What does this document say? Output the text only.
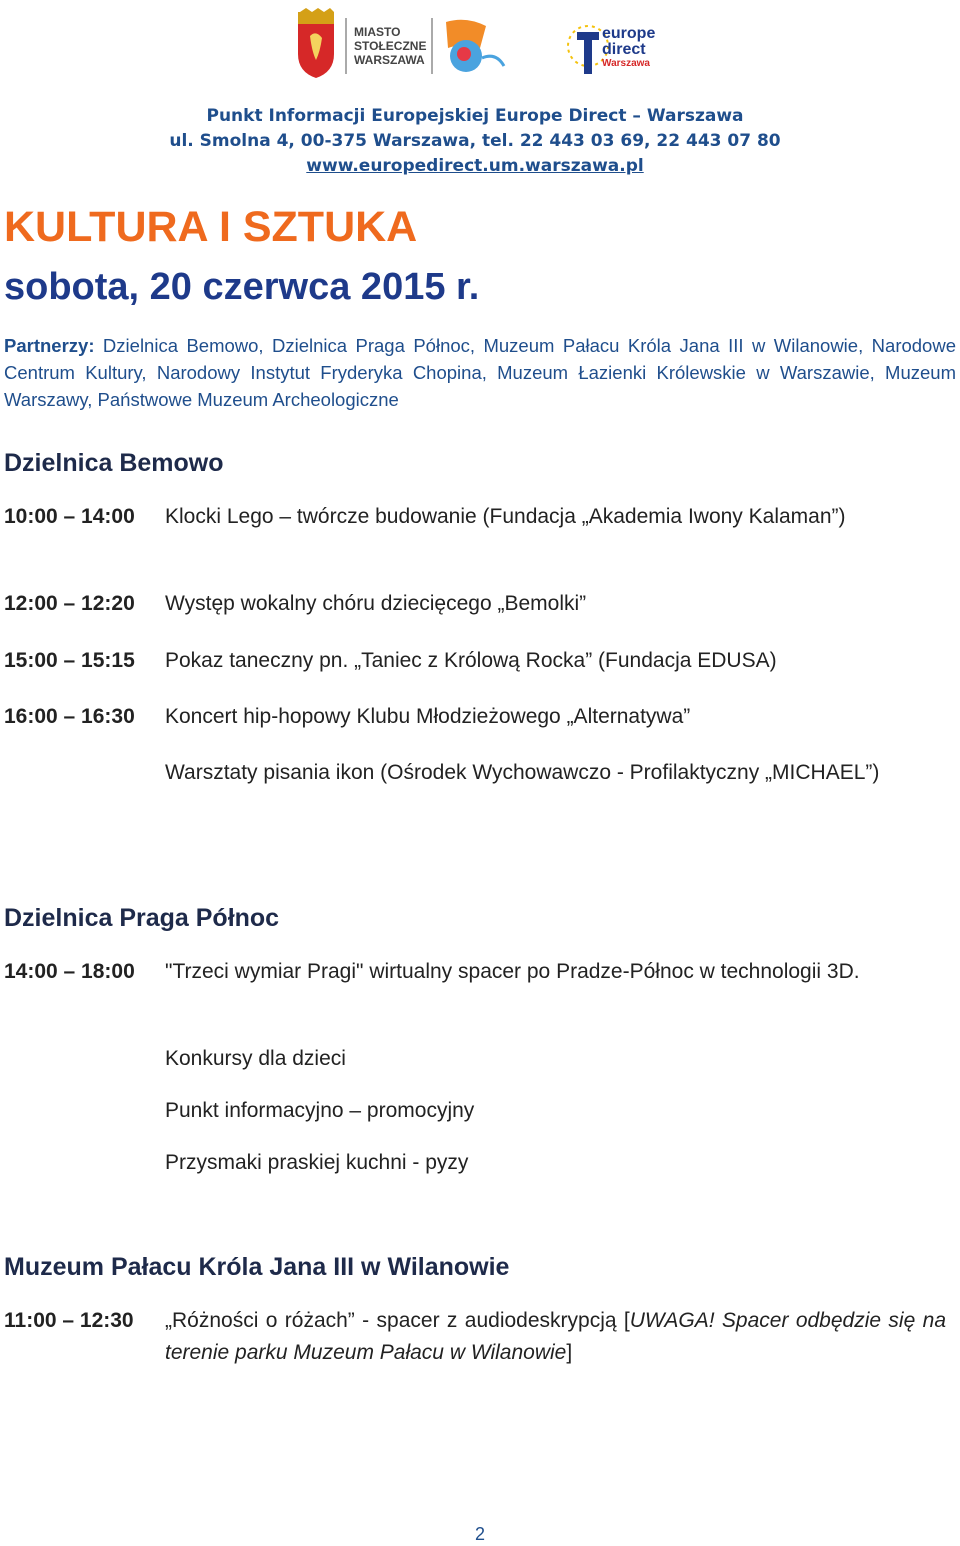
MIASTO
STOŁECZNE
WARSZAWA
europe
direct
Warszawa
Punkt Informacji Europejskiej Europe Direct – Warszawa
ul. Smolna 4, 00-375 Warszawa, tel. 22 443 03 69, 22 443 07 80
www.europedirect.um.warszawa.pl
KULTURA I SZTUKA
sobota, 20 czerwca 2015 r.

Partnerzy: Dzielnica Bemowo, Dzielnica Praga Północ, Muzeum Pałacu Króla Jana III w Wilanowie, Narodowe Centrum Kultury, Narodowy Instytut Fryderyka Chopina, Muzeum Łazienki Królewskie w Warszawie, Muzeum Warszawy, Państwowe Muzeum Archeologiczne

Dzielnica Bemowo
10:00 – 14:00	Klocki Lego – twórcze budowanie (Fundacja „Akademia Iwony Kalaman”)
12:00 – 12:20	Występ wokalny chóru dziecięcego „Bemolki”
15:00 – 15:15	Pokaz taneczny pn. „Taniec z Królową Rocka” (Fundacja EDUSA)
16:00 – 16:30	Koncert hip-hopowy Klubu Młodzieżowego „Alternatywa”
Warsztaty pisania ikon (Ośrodek Wychowawczo - Profilaktyczny „MICHAEL”)
Dzielnica Praga Północ
14:00 – 18:00	"Trzeci wymiar Pragi" wirtualny spacer po Pradze-Północ w technologii 3D.
Konkursy dla dzieci
Punkt informacyjno – promocyjny
Przysmaki praskiej kuchni - pyzy
Muzeum Pałacu Króla Jana III w Wilanowie
11:00 – 12:30	„Różności o różach” - spacer z audiodeskrypcją [UWAGA! Spacer odbędzie się na terenie parku Muzeum Pałacu w Wilanowie]
2
